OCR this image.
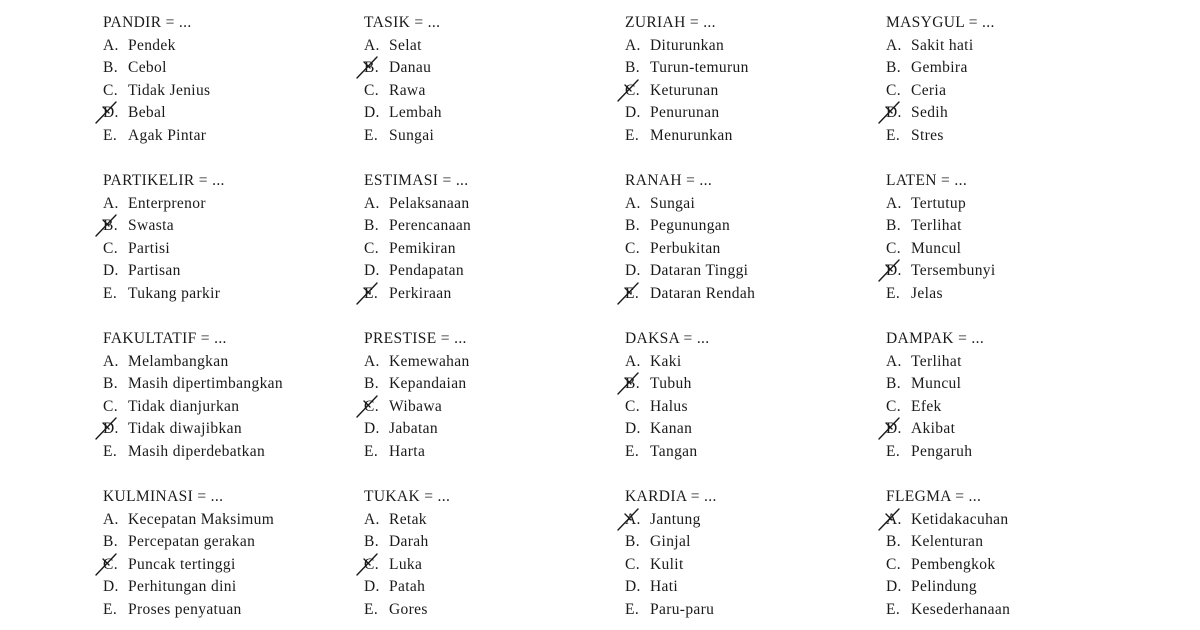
PANDIR = ...
A. Pendek
B. Cebol
C. Tidak Jenius
D. Bebal
E. Agak Pintar
TASIK = ...
A. Selat
B. Danau
C. Rawa
D. Lembah
E. Sungai
ZURIAH = ...
A. Diturunkan
B. Turun-temurun
C. Keturunan
D. Penurunan
E. Menurunkan
MASYGUL = ...
A. Sakit hati
B. Gembira
C. Ceria
D. Sedih
E. Stres
PARTIKELIR = ...
A. Enterprenor
B. Swasta
C. Partisi
D. Partisan
E. Tukang parkir
ESTIMASI = ...
A. Pelaksanaan
B. Perencanaan
C. Pemikiran
D. Pendapatan
E. Perkiraan
RANAH = ...
A. Sungai
B. Pegunungan
C. Perbukitan
D. Dataran Tinggi
E. Dataran Rendah
LATEN = ...
A. Tertutup
B. Terlihat
C. Muncul
D. Tersembunyi
E. Jelas
FAKULTATIF = ...
A. Melambangkan
B. Masih dipertimbangkan
C. Tidak dianjurkan
D. Tidak diwajibkan
E. Masih diperdebatkan
PRESTISE = ...
A. Kemewahan
B. Kepandaian
C. Wibawa
D. Jabatan
E. Harta
DAKSA = ...
A. Kaki
B. Tubuh
C. Halus
D. Kanan
E. Tangan
DAMPAK = ...
A. Terlihat
B. Muncul
C. Efek
D. Akibat
E. Pengaruh
KULMINASI = ...
A. Kecepatan Maksimum
B. Percepatan gerakan
C. Puncak tertinggi
D. Perhitungan dini
E. Proses penyatuan
TUKAK = ...
A. Retak
B. Darah
C. Luka
D. Patah
E. Gores
KARDIA = ...
A. Jantung
B. Ginjal
C. Kulit
D. Hati
E. Paru-paru
FLEGMA = ...
A. Ketidakacuhan
B. Kelenturan
C. Pembengkok
D. Pelindung
E. Kesederhanaan
